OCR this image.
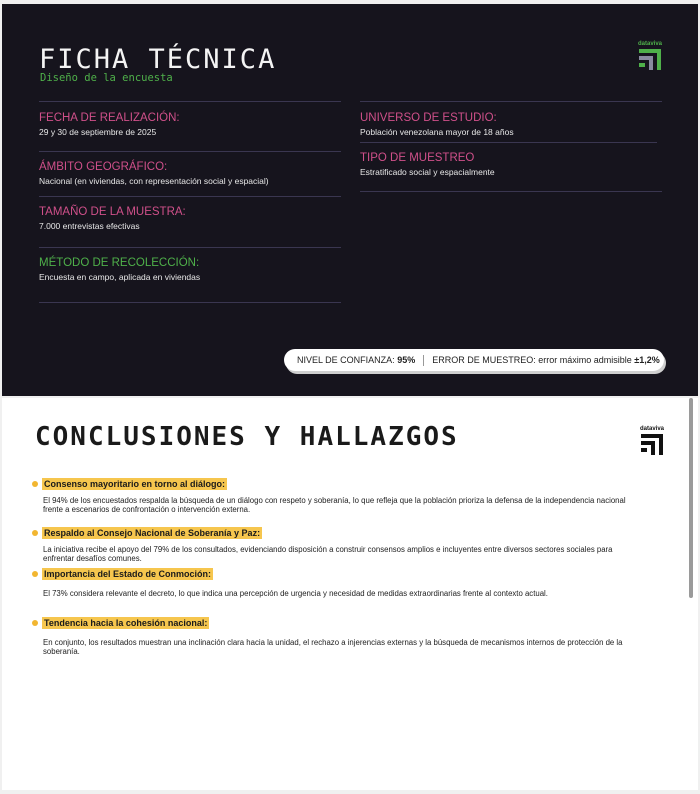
FICHA TÉCNICA
Diseño de la encuesta
dataviva
FECHA DE REALIZACIÓN:
29 y 30 de septiembre de 2025
ÁMBITO GEOGRÁFICO:
Nacional (en viviendas, con representación social y espacial)
TAMAÑO DE LA MUESTRA:
7.000 entrevistas efectivas
MÉTODO DE RECOLECCIÓN:
Encuesta en campo, aplicada en viviendas
UNIVERSO DE ESTUDIO:
Población venezolana mayor de 18 años
TIPO DE MUESTREO
Estratificado social y espacialmente
NIVEL DE CONFIANZA:
95% ERROR DE MUESTREO: error máximo admisible
±1,2%
CONCLUSIONES Y HALLAZGOS
Consenso mayoritario en torno al diálogo:
El 94% de los encuestados respalda la búsqueda de un diálogo con respeto y soberanía, lo que refleja que la población prioriza la defensa de la independencia nacional frente a escenarios de confrontación o intervención externa.
Respaldo al Consejo Nacional de Soberanía y Paz:
La iniciativa recibe el apoyo del 79% de los consultados, evidenciando disposición a construir consensos amplios e incluyentes entre diversos sectores sociales para enfrentar desafíos comunes.
Importancia del Estado de Conmoción:
El 73% considera relevante el decreto, lo que indica una percepción de urgencia y necesidad de medidas extraordinarias frente al contexto actual.
Tendencia hacia la cohesión nacional:
En conjunto, los resultados muestran una inclinación clara hacia la unidad, el rechazo a injerencias externas y la búsqueda de mecanismos internos de protección de la soberanía.
dataviva
